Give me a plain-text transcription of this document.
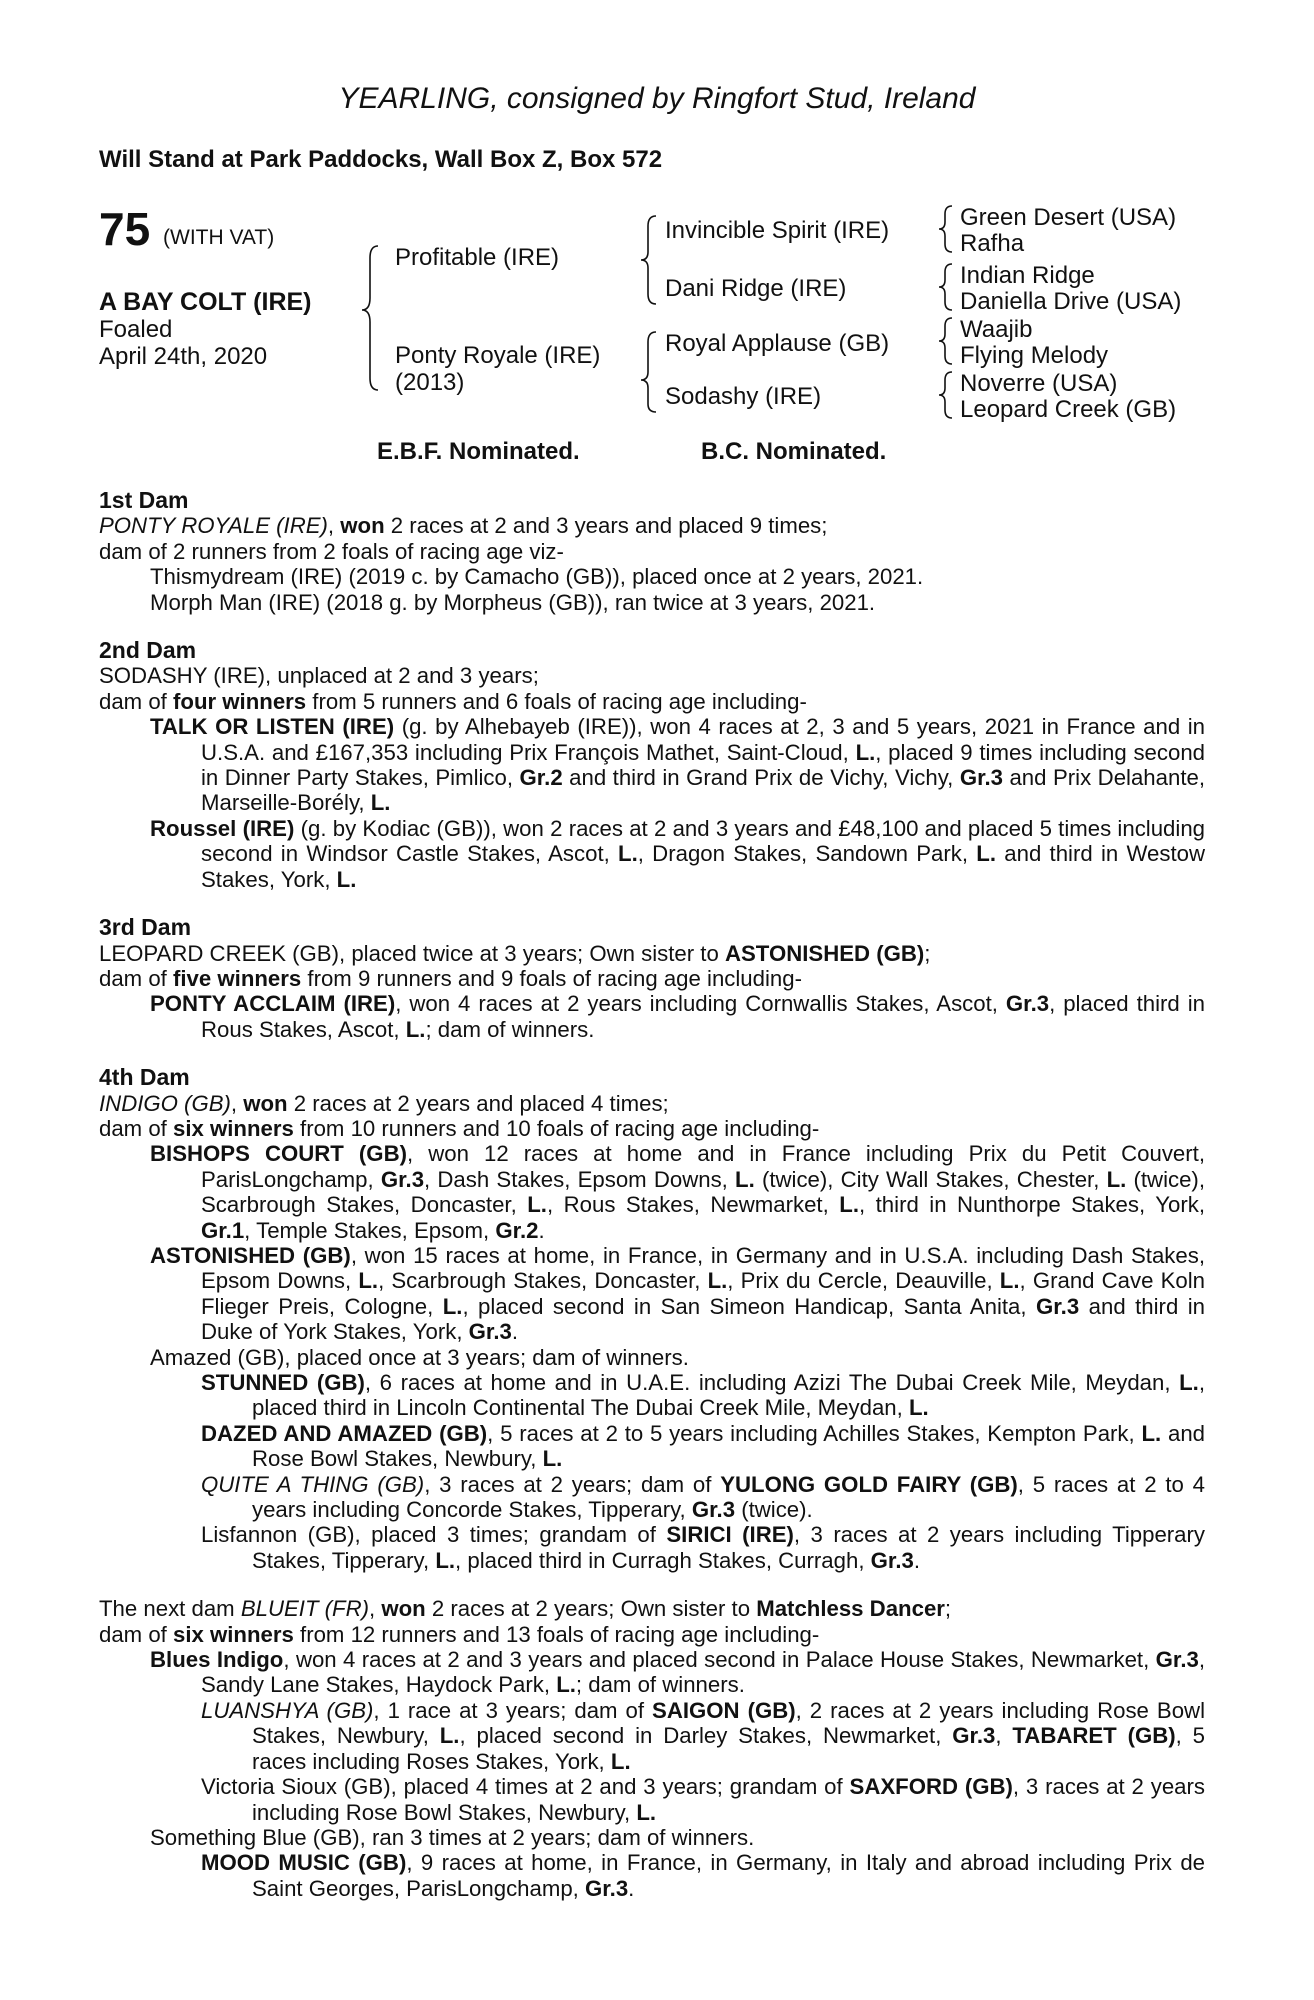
YEARLING, consigned by Ringfort Stud, Ireland
Will Stand at Park Paddocks, Wall Box Z, Box 572
75 (WITH VAT)
A BAY COLT (IRE)
Foaled
April 24th, 2020
Profitable (IRE)
Ponty Royale (IRE)
(2013)
Invincible Spirit (IRE)
Dani Ridge (IRE)
Royal Applause (GB)
Sodashy (IRE)
Green Desert (USA)
Rafha
Indian Ridge
Daniella Drive (USA)
Waajib
Flying Melody
Noverre (USA)
Leopard Creek (GB)
E.B.F. Nominated.	B.C. Nominated.
1st Dam
PONTY ROYALE (IRE), won 2 races at 2 and 3 years and placed 9 times;
dam of 2 runners from 2 foals of racing age viz-
Thismydream (IRE) (2019 c. by Camacho (GB)), placed once at 2 years, 2021.
Morph Man (IRE) (2018 g. by Morpheus (GB)), ran twice at 3 years, 2021.
2nd Dam
SODASHY (IRE), unplaced at 2 and 3 years;
dam of four winners from 5 runners and 6 foals of racing age including-
TALK OR LISTEN (IRE) (g. by Alhebayeb (IRE)), won 4 races at 2, 3 and 5 years, 2021 in France and in U.S.A. and £167,353 including Prix François Mathet, Saint-Cloud, L., placed 9 times including second in Dinner Party Stakes, Pimlico, Gr.2 and third in Grand Prix de Vichy, Vichy, Gr.3 and Prix Delahante, Marseille-Borély, L.
Roussel (IRE) (g. by Kodiac (GB)), won 2 races at 2 and 3 years and £48,100 and placed 5 times including second in Windsor Castle Stakes, Ascot, L., Dragon Stakes, Sandown Park, L. and third in Westow Stakes, York, L.
3rd Dam
LEOPARD CREEK (GB), placed twice at 3 years; Own sister to ASTONISHED (GB);
dam of five winners from 9 runners and 9 foals of racing age including-
PONTY ACCLAIM (IRE), won 4 races at 2 years including Cornwallis Stakes, Ascot, Gr.3, placed third in Rous Stakes, Ascot, L.; dam of winners.
4th Dam
INDIGO (GB), won 2 races at 2 years and placed 4 times;
dam of six winners from 10 runners and 10 foals of racing age including-
BISHOPS COURT (GB), won 12 races at home and in France including Prix du Petit Couvert, ParisLongchamp, Gr.3, Dash Stakes, Epsom Downs, L. (twice), City Wall Stakes, Chester, L. (twice), Scarbrough Stakes, Doncaster, L., Rous Stakes, Newmarket, L., third in Nunthorpe Stakes, York, Gr.1, Temple Stakes, Epsom, Gr.2.
ASTONISHED (GB), won 15 races at home, in France, in Germany and in U.S.A. including Dash Stakes, Epsom Downs, L., Scarbrough Stakes, Doncaster, L., Prix du Cercle, Deauville, L., Grand Cave Koln Flieger Preis, Cologne, L., placed second in San Simeon Handicap, Santa Anita, Gr.3 and third in Duke of York Stakes, York, Gr.3.
Amazed (GB), placed once at 3 years; dam of winners.
STUNNED (GB), 6 races at home and in U.A.E. including Azizi The Dubai Creek Mile, Meydan, L., placed third in Lincoln Continental The Dubai Creek Mile, Meydan, L.
DAZED AND AMAZED (GB), 5 races at 2 to 5 years including Achilles Stakes, Kempton Park, L. and Rose Bowl Stakes, Newbury, L.
QUITE A THING (GB), 3 races at 2 years; dam of YULONG GOLD FAIRY (GB), 5 races at 2 to 4 years including Concorde Stakes, Tipperary, Gr.3 (twice).
Lisfannon (GB), placed 3 times; grandam of SIRICI (IRE), 3 races at 2 years including Tipperary Stakes, Tipperary, L., placed third in Curragh Stakes, Curragh, Gr.3.
The next dam BLUEIT (FR), won 2 races at 2 years; Own sister to Matchless Dancer;
dam of six winners from 12 runners and 13 foals of racing age including-
Blues Indigo, won 4 races at 2 and 3 years and placed second in Palace House Stakes, Newmarket, Gr.3, Sandy Lane Stakes, Haydock Park, L.; dam of winners.
LUANSHYA (GB), 1 race at 3 years; dam of SAIGON (GB), 2 races at 2 years including Rose Bowl Stakes, Newbury, L., placed second in Darley Stakes, Newmarket, Gr.3, TABARET (GB), 5 races including Roses Stakes, York, L.
Victoria Sioux (GB), placed 4 times at 2 and 3 years; grandam of SAXFORD (GB), 3 races at 2 years including Rose Bowl Stakes, Newbury, L.
Something Blue (GB), ran 3 times at 2 years; dam of winners.
MOOD MUSIC (GB), 9 races at home, in France, in Germany, in Italy and abroad including Prix de Saint Georges, ParisLongchamp, Gr.3.
